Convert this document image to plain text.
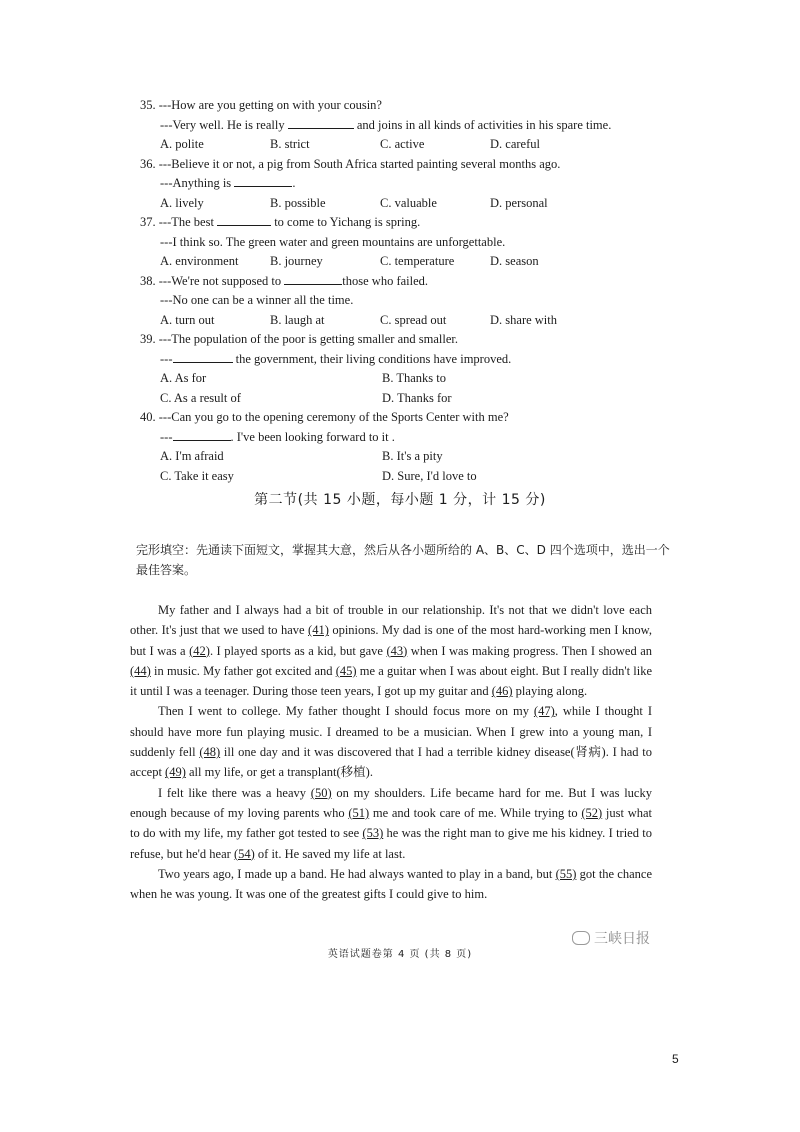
35. ---How are you getting on with your cousin?
---Very well. He is really	and joins in all kinds of activities in his spare time.
A. polite	B. strict	C. active	D. careful
36. ---Believe it or not, a pig from South Africa started painting several months ago.
---Anything is	.
A. lively	B. possible	C. valuable	D. personal
37. ---The best	to come to Yichang is spring.
---I think so. The green water and green mountains are unforgettable.
A. environment	B. journey	C. temperature	D. season
38. ---We're not supposed to	those who failed.
---No one can be a winner all the time.
A. turn out	B. laugh at	C. spread out	D. share with
39. ---The population of the poor is getting smaller and smaller.
---	the government, their living conditions have improved.
A. As for	B. Thanks to
C. As a result of	D. Thanks for
40. ---Can you go to the opening ceremony of the Sports Center with me?
---	. I've been looking forward to it .
A. I'm afraid	B. It's a pity
C. Take it easy	D. Sure, I'd love to
第二节(共 15 小题，每小题 1 分，计 15 分)
完形填空：先通读下面短文，掌握其大意，然后从各小题所给的 A、B、C、D 四个选项中，选出一个最佳答案。

My father and I always had a bit of trouble in our relationship. It's not that we didn't love each other. It's just that we used to have (41) opinions. My dad is one of the most hard-working men I know, but I was a (42). I played sports as a kid, but gave (43) when I was making progress. Then I showed an (44) in music. My father got excited and (45) me a guitar when I was about eight. But I really didn't like it until I was a teenager. During those teen years, I got up my guitar and (46) playing along.

Then I went to college. My father thought I should focus more on my (47), while I thought I should have more fun playing music. I dreamed to be a musician. When I grew into a young man, I suddenly fell (48) ill one day and it was discovered that I had a terrible kidney disease(肾病). I had to accept (49) all my life, or get a transplant(移植).

I felt like there was a heavy (50) on my shoulders. Life became hard for me. But I was lucky enough because of my loving parents who (51) me and took care of me. While trying to (52) just what to do with my life, my father got tested to see (53) he was the right man to give me his kidney. I tried to refuse, but he'd hear (54) of it. He saved my life at last.

Two years ago, I made up a band. He had always wanted to play in a band, but (55) got the chance when he was young. It was one of the greatest gifts I could give to him.

三峡日报
英语试题卷第 4 页 (共 8 页)
5
